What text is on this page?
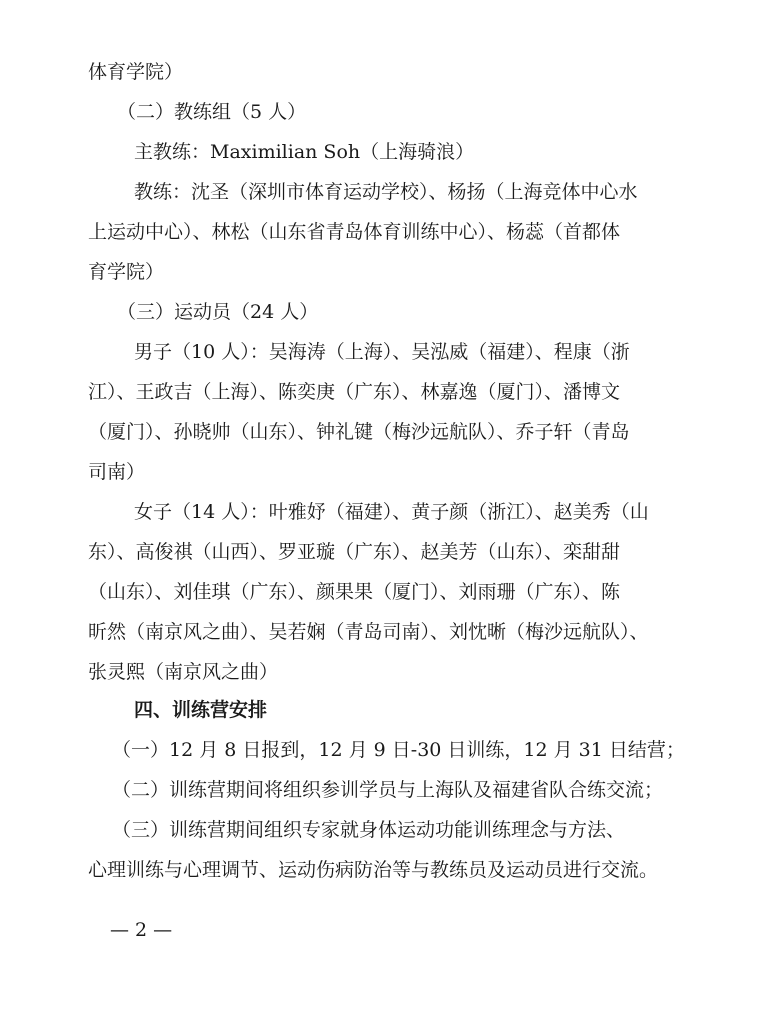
体育学院）
（二）教练组（5 人）
主教练：Maximilian Soh（上海骑浪）
教练：沈圣（深圳市体育运动学校）、杨扬（上海竞体中心水
上运动中心）、林松（山东省青岛体育训练中心）、杨蕊（首都体
育学院）
（三）运动员（24 人）
男子（10 人）：吴海涛（上海）、吴泓威（福建）、程康（浙
江）、王政吉（上海）、陈奕庚（广东）、林嘉逸（厦门）、潘博文
（厦门）、孙晓帅（山东）、钟礼键（梅沙远航队）、乔子轩（青岛
司南）
女子（14 人）：叶雅妤（福建）、黄子颜（浙江）、赵美秀（山
东）、高俊祺（山西）、罗亚璇（广东）、赵美芳（山东）、栾甜甜
（山东）、刘佳琪（广东）、颜果果（厦门）、刘雨珊（广东）、陈
昕然（南京风之曲）、吴若娴（青岛司南）、刘忱晰（梅沙远航队）、
张灵熙（南京风之曲）
四、训练营安排
（一）12 月 8 日报到，12 月 9 日-30 日训练，12 月 31 日结营；
（二）训练营期间将组织参训学员与上海队及福建省队合练交流；
（三）训练营期间组织专家就身体运动功能训练理念与方法、
心理训练与心理调节、运动伤病防治等与教练员及运动员进行交流。
— 2 —
